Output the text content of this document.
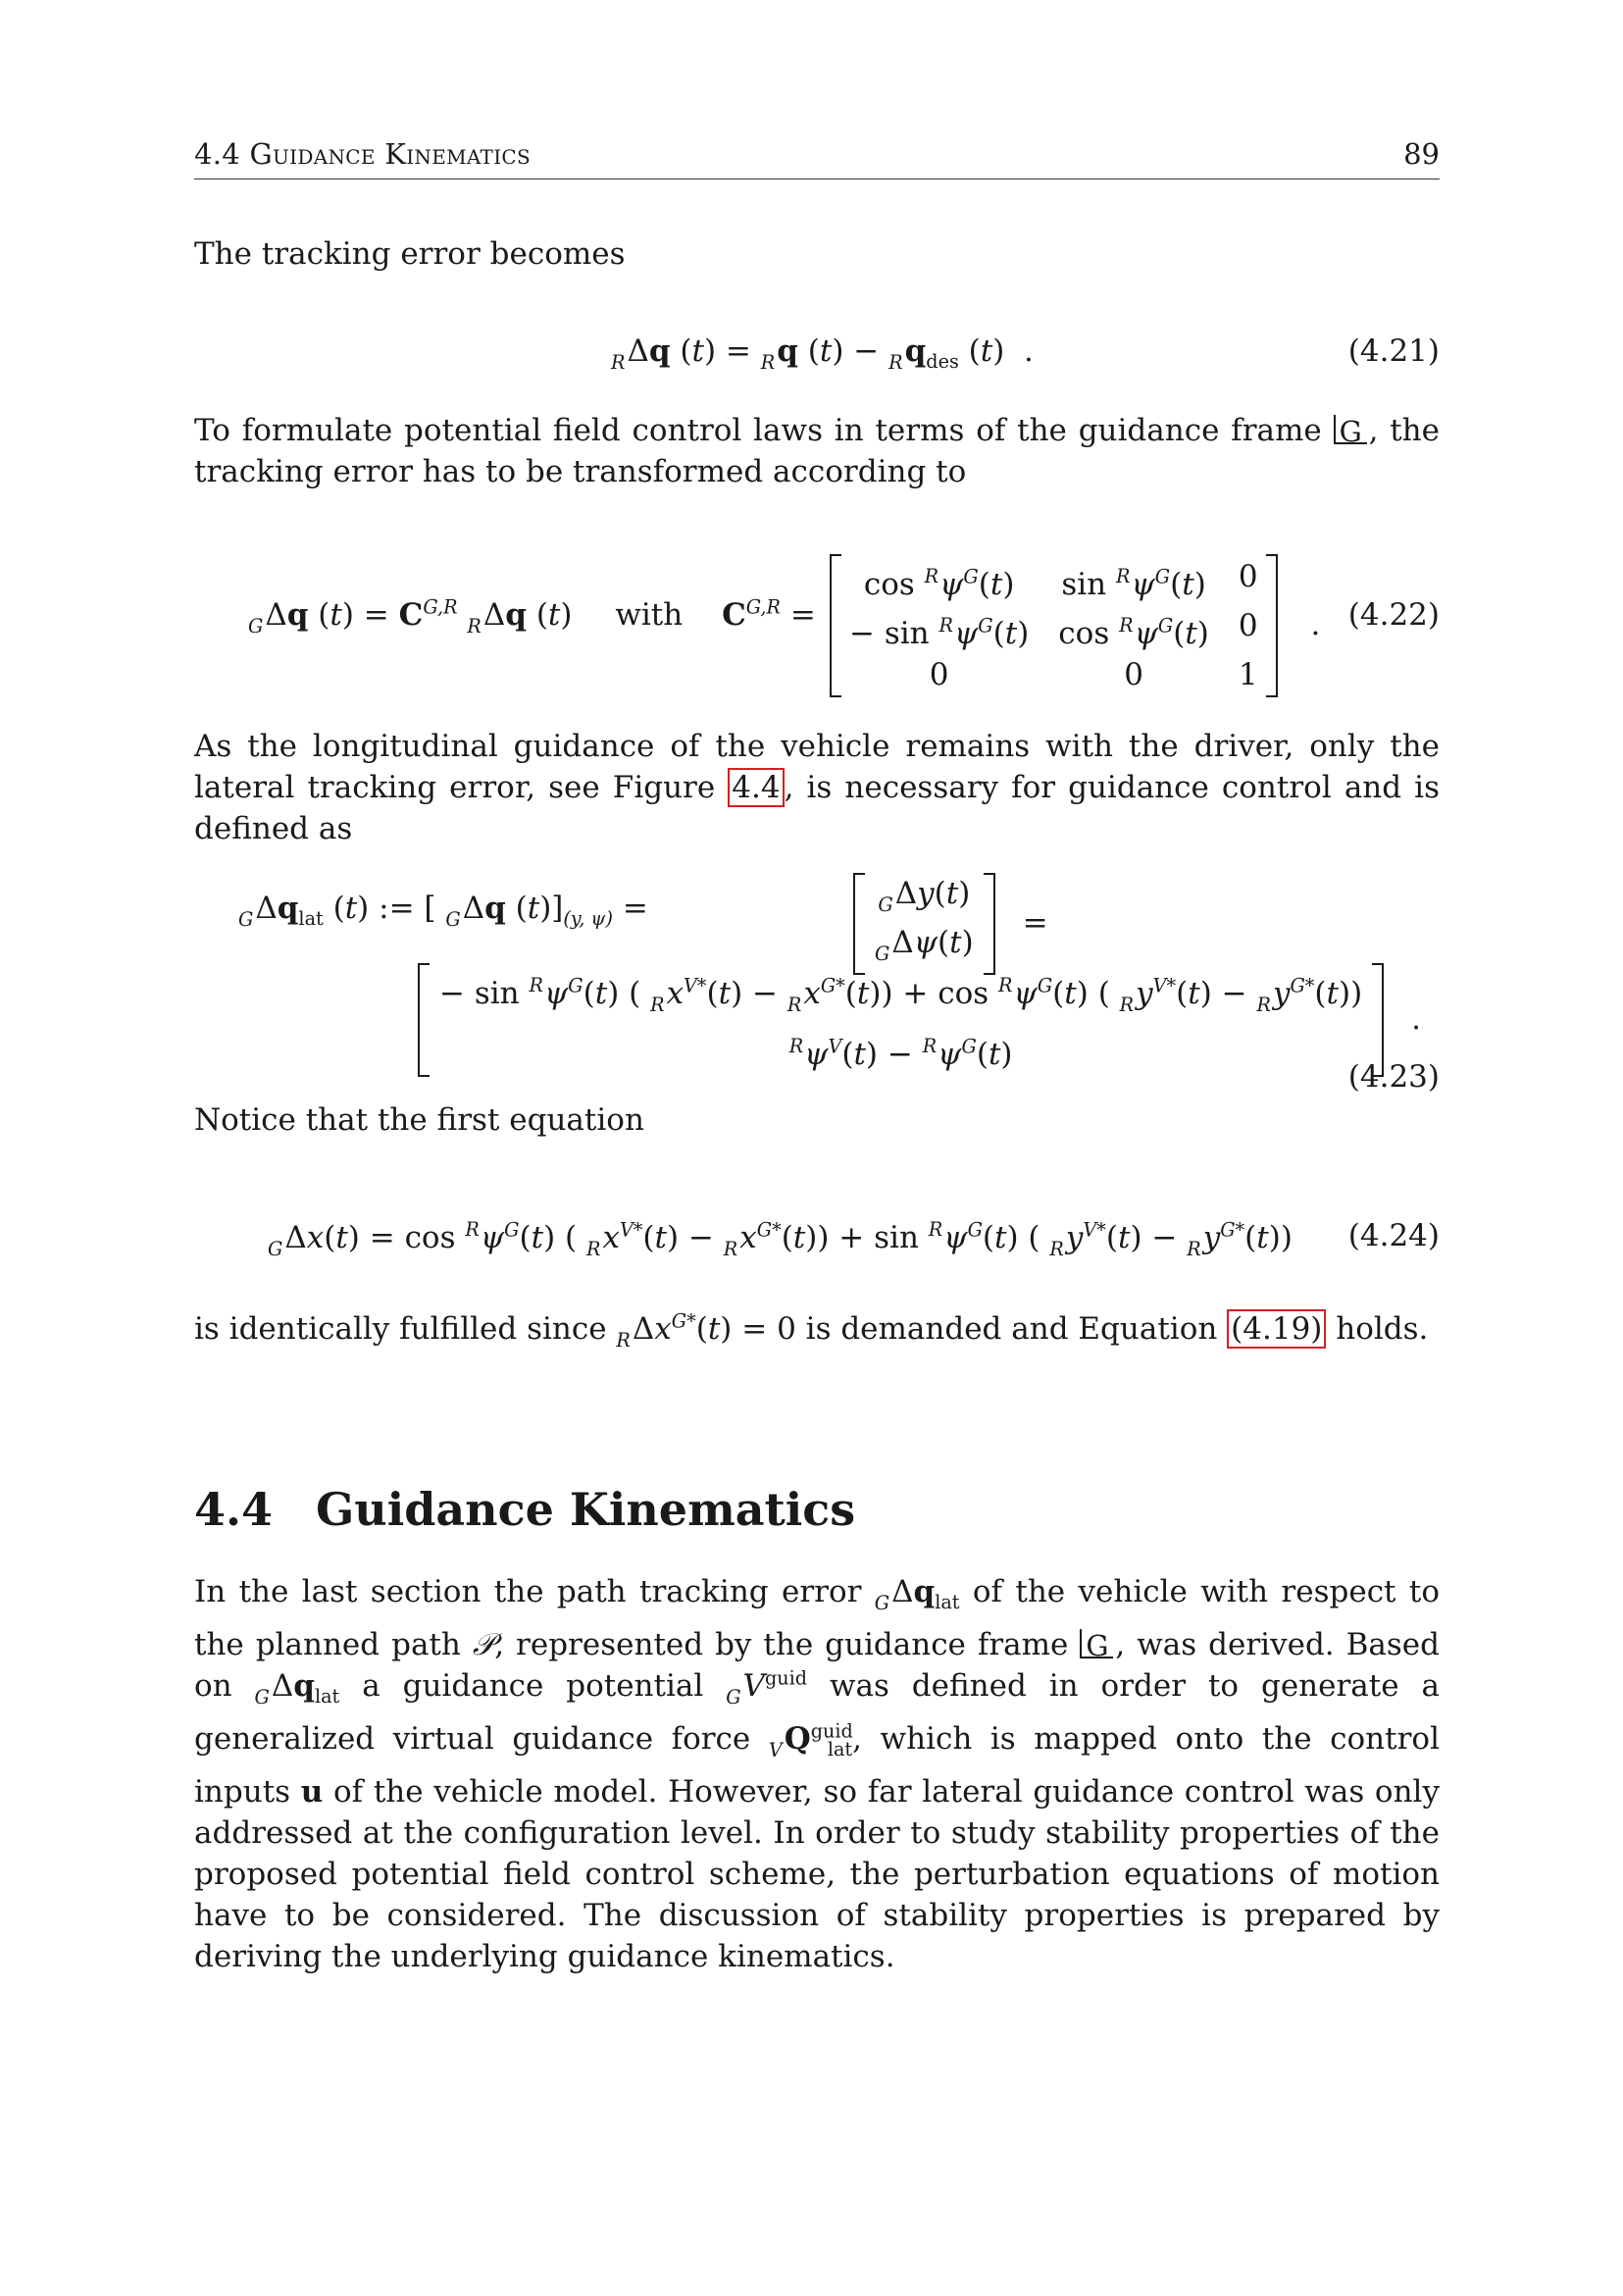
4.4 Guidance Kinematics	89

The tracking error becomes

$_R$Δq (t) = $_R$q $(t) - _Rq_{des}$ (t)  .	(4.21)

To formulate potential field control laws in terms of the guidance frame G , the tracking error has to be transformed according to

$_G$Δq $(t) = C^{G,R}$ $_R$Δq (t) with $C^{G,R}$ =
$\cos ^R\psi^G(t)$	$\sin ^R\psi^G(t)$ 0
− $\sin ^R\psi^G(t)$ $\cos ^R\psi^G(t)$ 0
0	0	1
. (4.22)

As the longitudinal guidance of the vehicle remains with the driver, only the lateral tracking error, see Figure 4.4 , is necessary for guidance control and is defined as

$_G\Delta q_{lat}$ (t) := [ $_G$Δq $(t)]_{(y, \psi)}$ =	$_G$Δy(t)
$_G$Δψ(t)
=
− $\sin ^R\psi^G(t)$ ( $_Rx^{V*}(t) - _Rx^{G*}(t)) + \cos ^R\psi^G(t)$ ( $_Ry^{V*}(t) - _Ry^{G*}(t)$)
$^R\psi^V(t) - ^R\psi^G(t)$
.
(4.23)

Notice that the first equation

$_G\Delta x(t) = \cos ^R\psi^G(t)$ ( $_Rx^{V*}(t) - _Rx^{G*}(t)) + \sin ^R\psi^G(t)$ ( $_Ry^{V*}(t) - _Ry^{G*}(t)$) (4.24)

is identically fulfilled since $_R\Delta x^{G*}(t) = 0$ is demanded and Equation (4.19) holds.

4.4 Guidance Kinematics

In the last section the path tracking error $_G\Delta q_{lat}$ of the vehicle with respect to the planned path 𝒫, represented by the guidance frame G , was derived. Based on $_G\Delta q_{lat}$ a guidance potential $_GV^{guid}$ was defined in order to generate a generalized virtual guidance force $_VQ^{guid}_{lat}$, which is mapped onto the control inputs u of the vehicle model. However, so far lateral guidance control was only addressed at the configuration level. In order to study stability properties of the proposed potential field control scheme, the perturbation equations of motion have to be considered. The discussion of stability properties is prepared by deriving the underlying guidance kinematics.
